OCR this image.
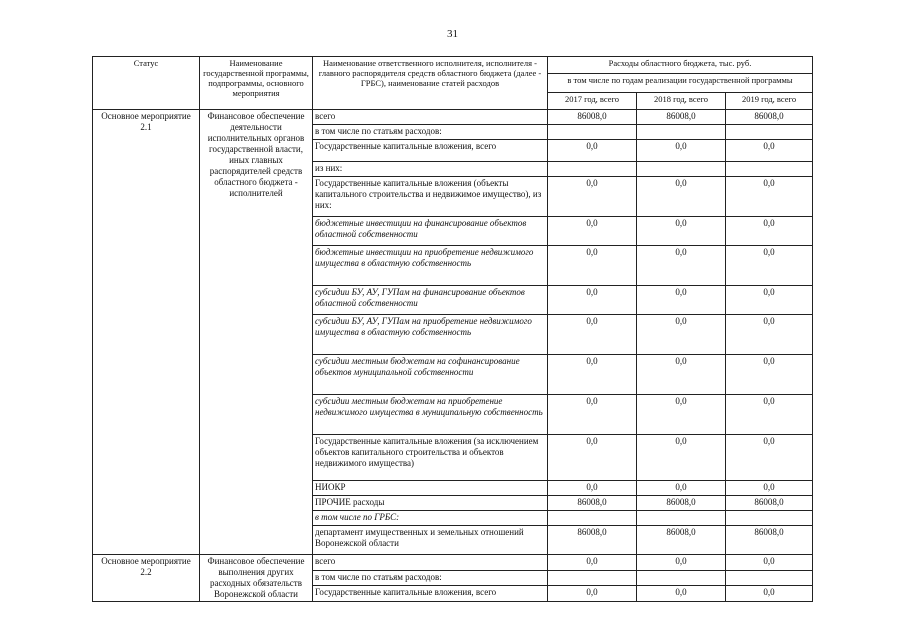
31
Статус	Наименование государственной программы, подпрограммы, основного мероприятия	Наименование ответственного исполнителя, исполнителя - главного распорядителя средств областного бюджета (далее - ГРБС), наименование статей расходов	Расходы областного бюджета, тыс. руб.		
			в том числе по годам реализации государственной программы		
			2017 год, всего	2018 год, всего	2019 год, всего
Основное мероприятие 2.1	Финансовое обеспечение деятельности исполнительных органов государственной власти, иных главных распорядителей средств областного бюджета - исполнителей	всего	86008,0	86008,0	86008,0
		в том числе по статьям расходов:			
		Государственные капитальные вложения, всего	0,0	0,0	0,0
		из них:			
		Государственные капитальные вложения (объекты капитального строительства и недвижимое имущество), из них:	0,0	0,0	0,0
		бюджетные инвестиции на финансирование объектов областной собственности	0,0	0,0	0,0
		бюджетные инвестиции на приобретение недвижимого имущества в областную собственность	0,0	0,0	0,0
		субсидии БУ, АУ, ГУПам на финансирование объектов областной собственности	0,0	0,0	0,0
		субсидии БУ, АУ, ГУПам на приобретение недвижимого имущества в областную собственность	0,0	0,0	0,0
		субсидии местным бюджетам на софинансирование объектов муниципальной собственности	0,0	0,0	0,0
		субсидии местным бюджетам на приобретение недвижимого имущества в муниципальную собственность	0,0	0,0	0,0
		Государственные капитальные вложения (за исключением объектов капитального строительства и объектов недвижимого имущества)	0,0	0,0	0,0
		НИОКР	0,0	0,0	0,0
		ПРОЧИЕ расходы	86008,0	86008,0	86008,0
		в том числе по ГРБС:			
		департамент имущественных и земельных отношений Воронежской области	86008,0	86008,0	86008,0
Основное мероприятие 2.2	Финансовое обеспечение выполнения других расходных обязательств Воронежской области	всего	0,0	0,0	0,0
		в том числе по статьям расходов:			
		Государственные капитальные вложения, всего	0,0	0,0	0,0
